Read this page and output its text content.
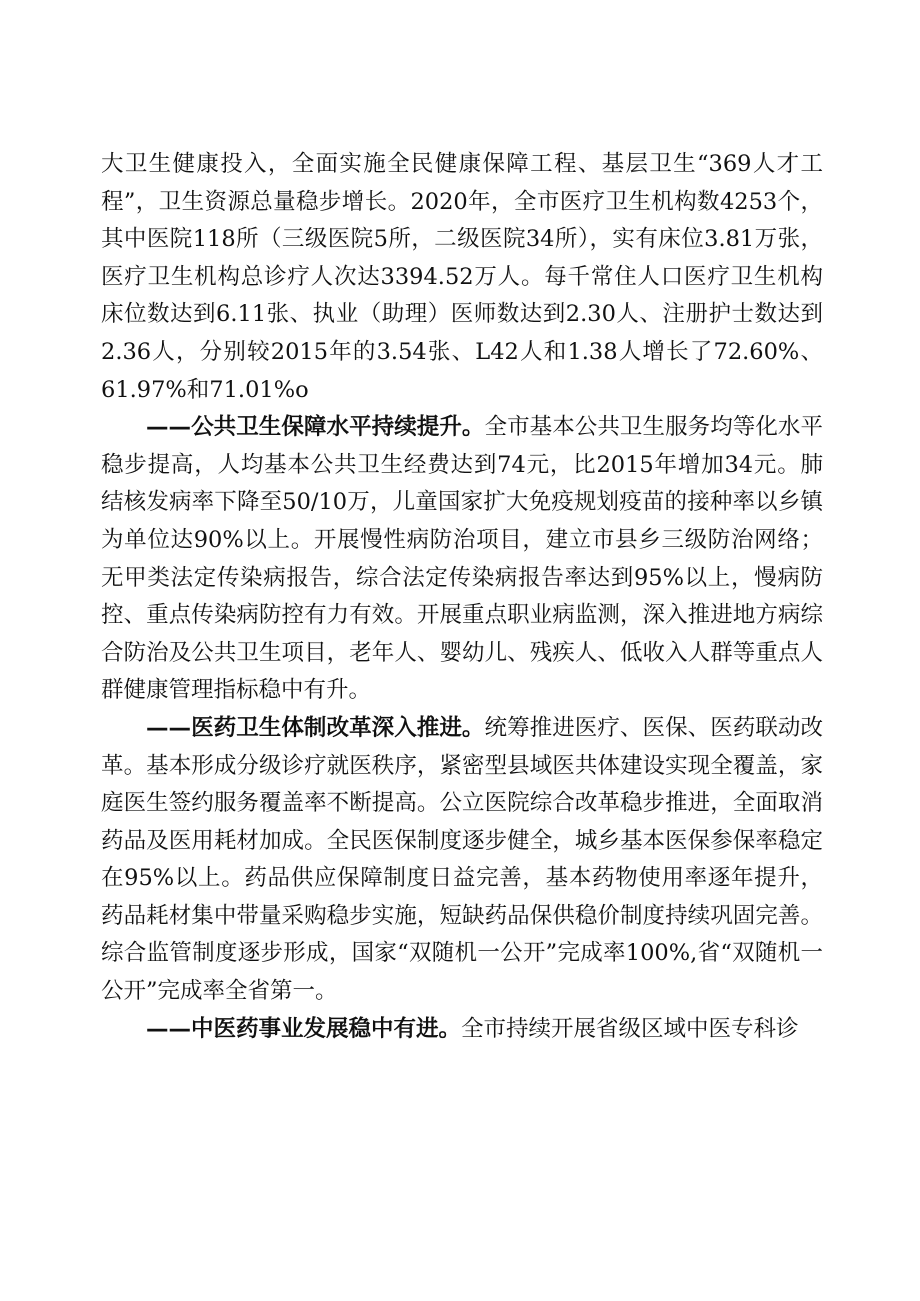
大卫生健康投入，全面实施全民健康保障工程、基层卫生“369人才工程”，卫生资源总量稳步增长。2020年，全市医疗卫生机构数4253个，其中医院118所（三级医院5所，二级医院34所），实有床位3.81万张，医疗卫生机构总诊疗人次达3394.52万人。每千常住人口医疗卫生机构床位数达到6.11张、执业（助理）医师数达到2.30人、注册护士数达到2.36人，分别较2015年的3.54张、L42人和1.38人增长了72.60%、61.97%和71.01%o

——公共卫生保障水平持续提升。全市基本公共卫生服务均等化水平稳步提高，人均基本公共卫生经费达到74元，比2015年增加34元。肺结核发病率下降至50/10万，儿童国家扩大免疫规划疫苗的接种率以乡镇为单位达90%以上。开展慢性病防治项目，建立市县乡三级防治网络；无甲类法定传染病报告，综合法定传染病报告率达到95%以上，慢病防控、重点传染病防控有力有效。开展重点职业病监测，深入推进地方病综合防治及公共卫生项目，老年人、婴幼儿、残疾人、低收入人群等重点人群健康管理指标稳中有升。

——医药卫生体制改革深入推进。统筹推进医疗、医保、医药联动改革。基本形成分级诊疗就医秩序，紧密型县域医共体建设实现全覆盖，家庭医生签约服务覆盖率不断提高。公立医院综合改革稳步推进，全面取消药品及医用耗材加成。全民医保制度逐步健全，城乡基本医保参保率稳定在95%以上。药品供应保障制度日益完善，基本药物使用率逐年提升，药品耗材集中带量采购稳步实施，短缺药品保供稳价制度持续巩固完善。综合监管制度逐步形成，国家“双随机一公开”完成率100%,省“双随机一公开”完成率全省第一。

——中医药事业发展稳中有进。全市持续开展省级区域中医专科诊
